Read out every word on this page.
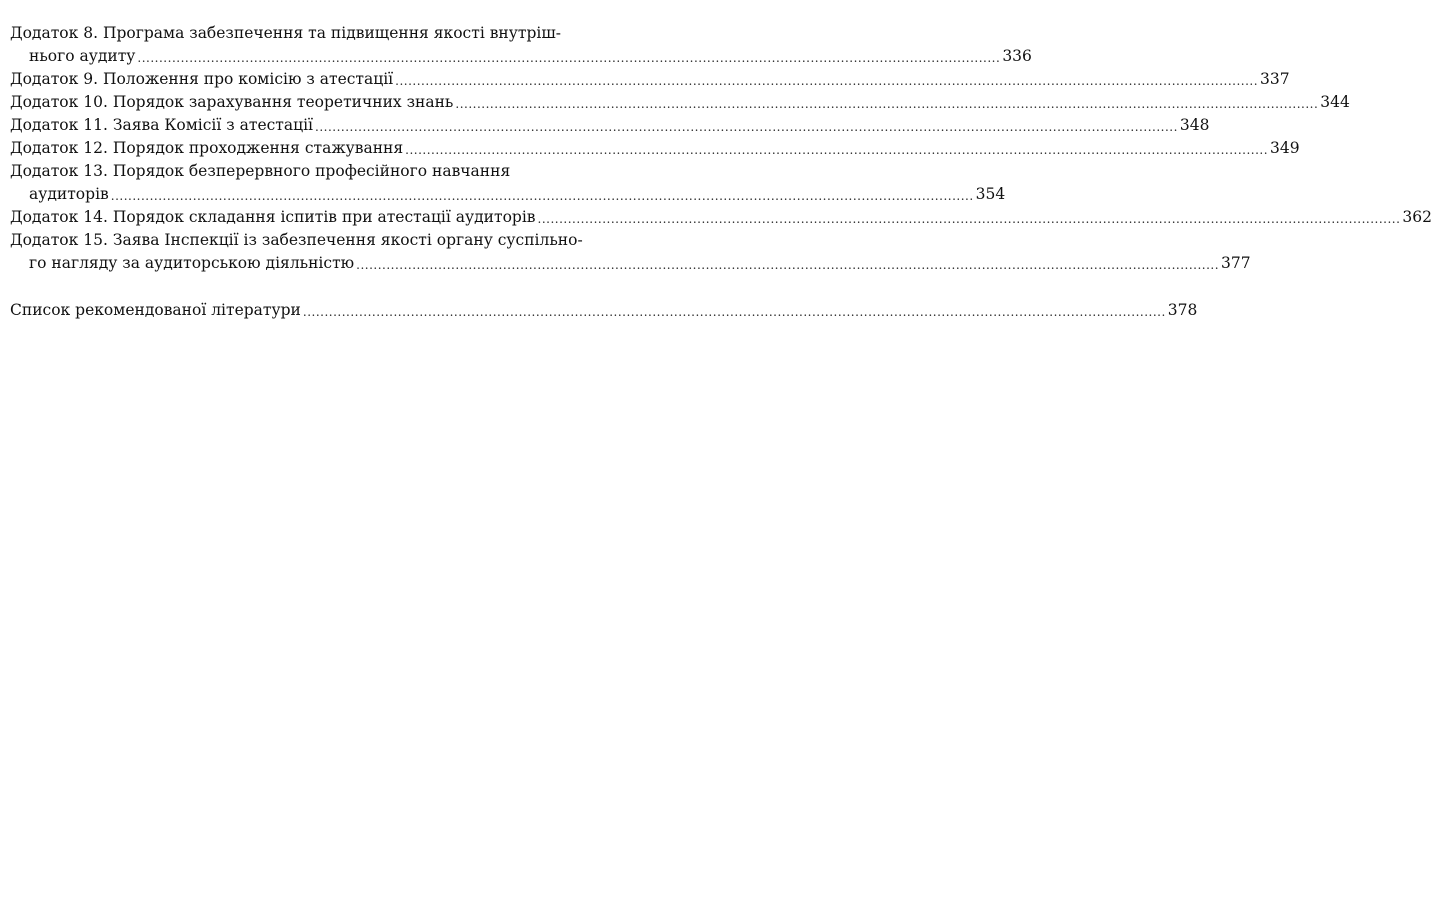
Додаток 8. Програма забезпечення та підвищення якості внутріш-
нього аудиту ........................................................................................................................................................................................................ 336
Додаток 9. Положення про комісію з атестації ........................................................................................................................................................................................................ 337
Додаток 10. Порядок зарахування теоретичних знань ........................................................................................................................................................................................................ 344
Додаток 11. Заява Комісії з атестації ........................................................................................................................................................................................................ 348
Додаток 12. Порядок проходження стажування ........................................................................................................................................................................................................ 349
Додаток 13. Порядок безперервного професійного навчання
аудиторів ........................................................................................................................................................................................................ 354
Додаток 14. Порядок складання іспитів при атестації аудиторів ........................................................................................................................................................................................................ 362
Додаток 15. Заява Інспекції із забезпечення якості органу суспільно-
го нагляду за аудиторською діяльністю ........................................................................................................................................................................................................ 377
Список рекомендованої літератури ........................................................................................................................................................................................................ 378
